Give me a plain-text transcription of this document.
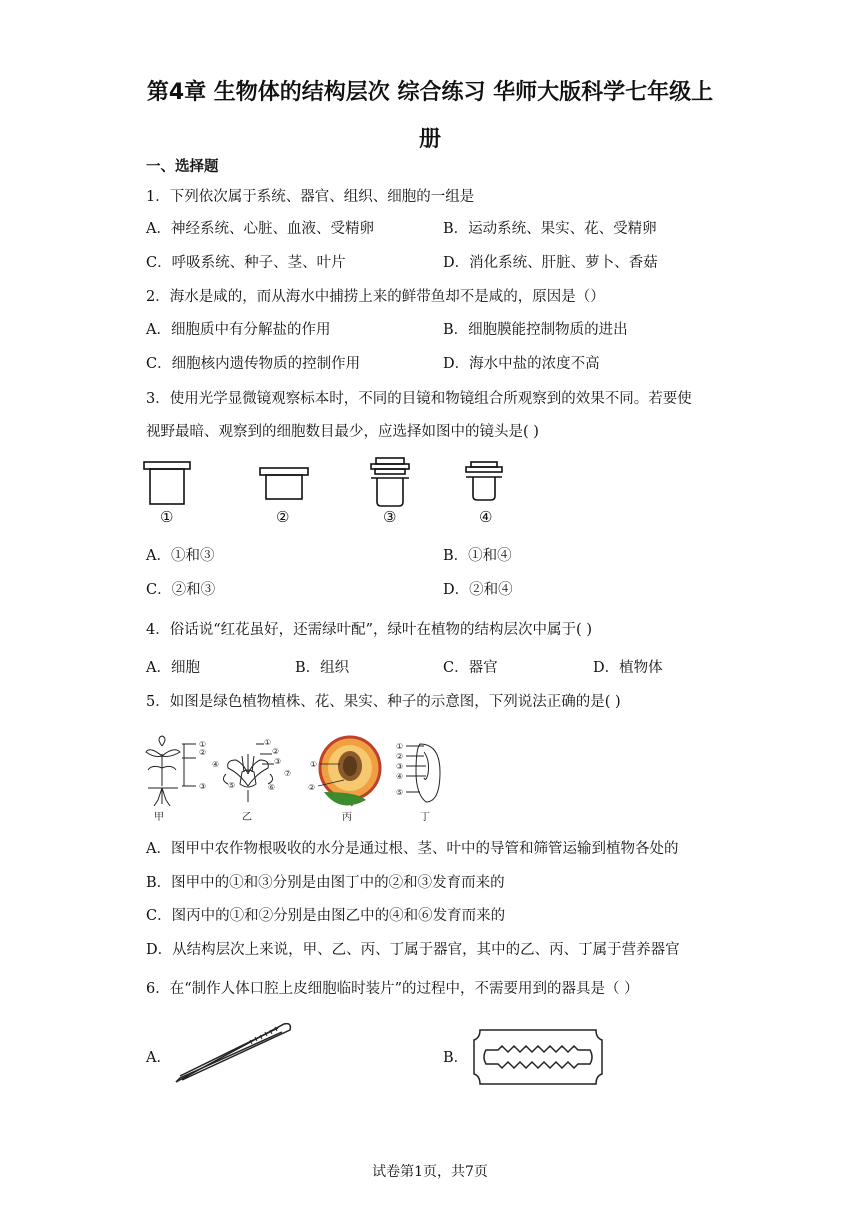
第4章 生物体的结构层次 综合练习 华师大版科学七年级上
册
一、选择题
1．下列依次属于系统、器官、组织、细胞的一组是
A．神经系统、心脏、血液、受精卵	B．运动系统、果实、花、受精卵
C．呼吸系统、种子、茎、叶片	D．消化系统、肝脏、萝卜、香菇
2．海水是咸的，而从海水中捕捞上来的鲜带鱼却不是咸的，原因是（）
A．细胞质中有分解盐的作用	B．细胞膜能控制物质的进出
C．细胞核内遗传物质的控制作用	D．海水中盐的浓度不高
3．使用光学显微镜观察标本时，不同的目镜和物镜组合所观察到的效果不同。若要使
视野最暗、观察到的细胞数目最少，应选择如图中的镜头是( )
①	②	③	④
A．①和③	B．①和④
C．②和③	D．②和④
4．俗话说“红花虽好，还需绿叶配”，绿叶在植物的结构层次中属于( )
A．细胞	B．组织	C．器官	D．植物体
5．如图是绿色植物植株、花、果实、种子的示意图，下列说法正确的是( )
①
②
③
④
①
②
③
⑤	⑥
⑦
①
②
①
②
③
④
⑤
甲	乙	丙	丁
A．图甲中农作物根吸收的水分是通过根、茎、叶中的导管和筛管运输到植物各处的
B．图甲中的①和③分别是由图丁中的②和③发育而来的
C．图丙中的①和②分别是由图乙中的④和⑥发育而来的
D．从结构层次上来说，甲、乙、丙、丁属于器官，其中的乙、丙、丁属于营养器官
6．在“制作人体口腔上皮细胞临时装片”的过程中，不需要用到的器具是（ ）
A．	B．
试卷第1页，共7页
